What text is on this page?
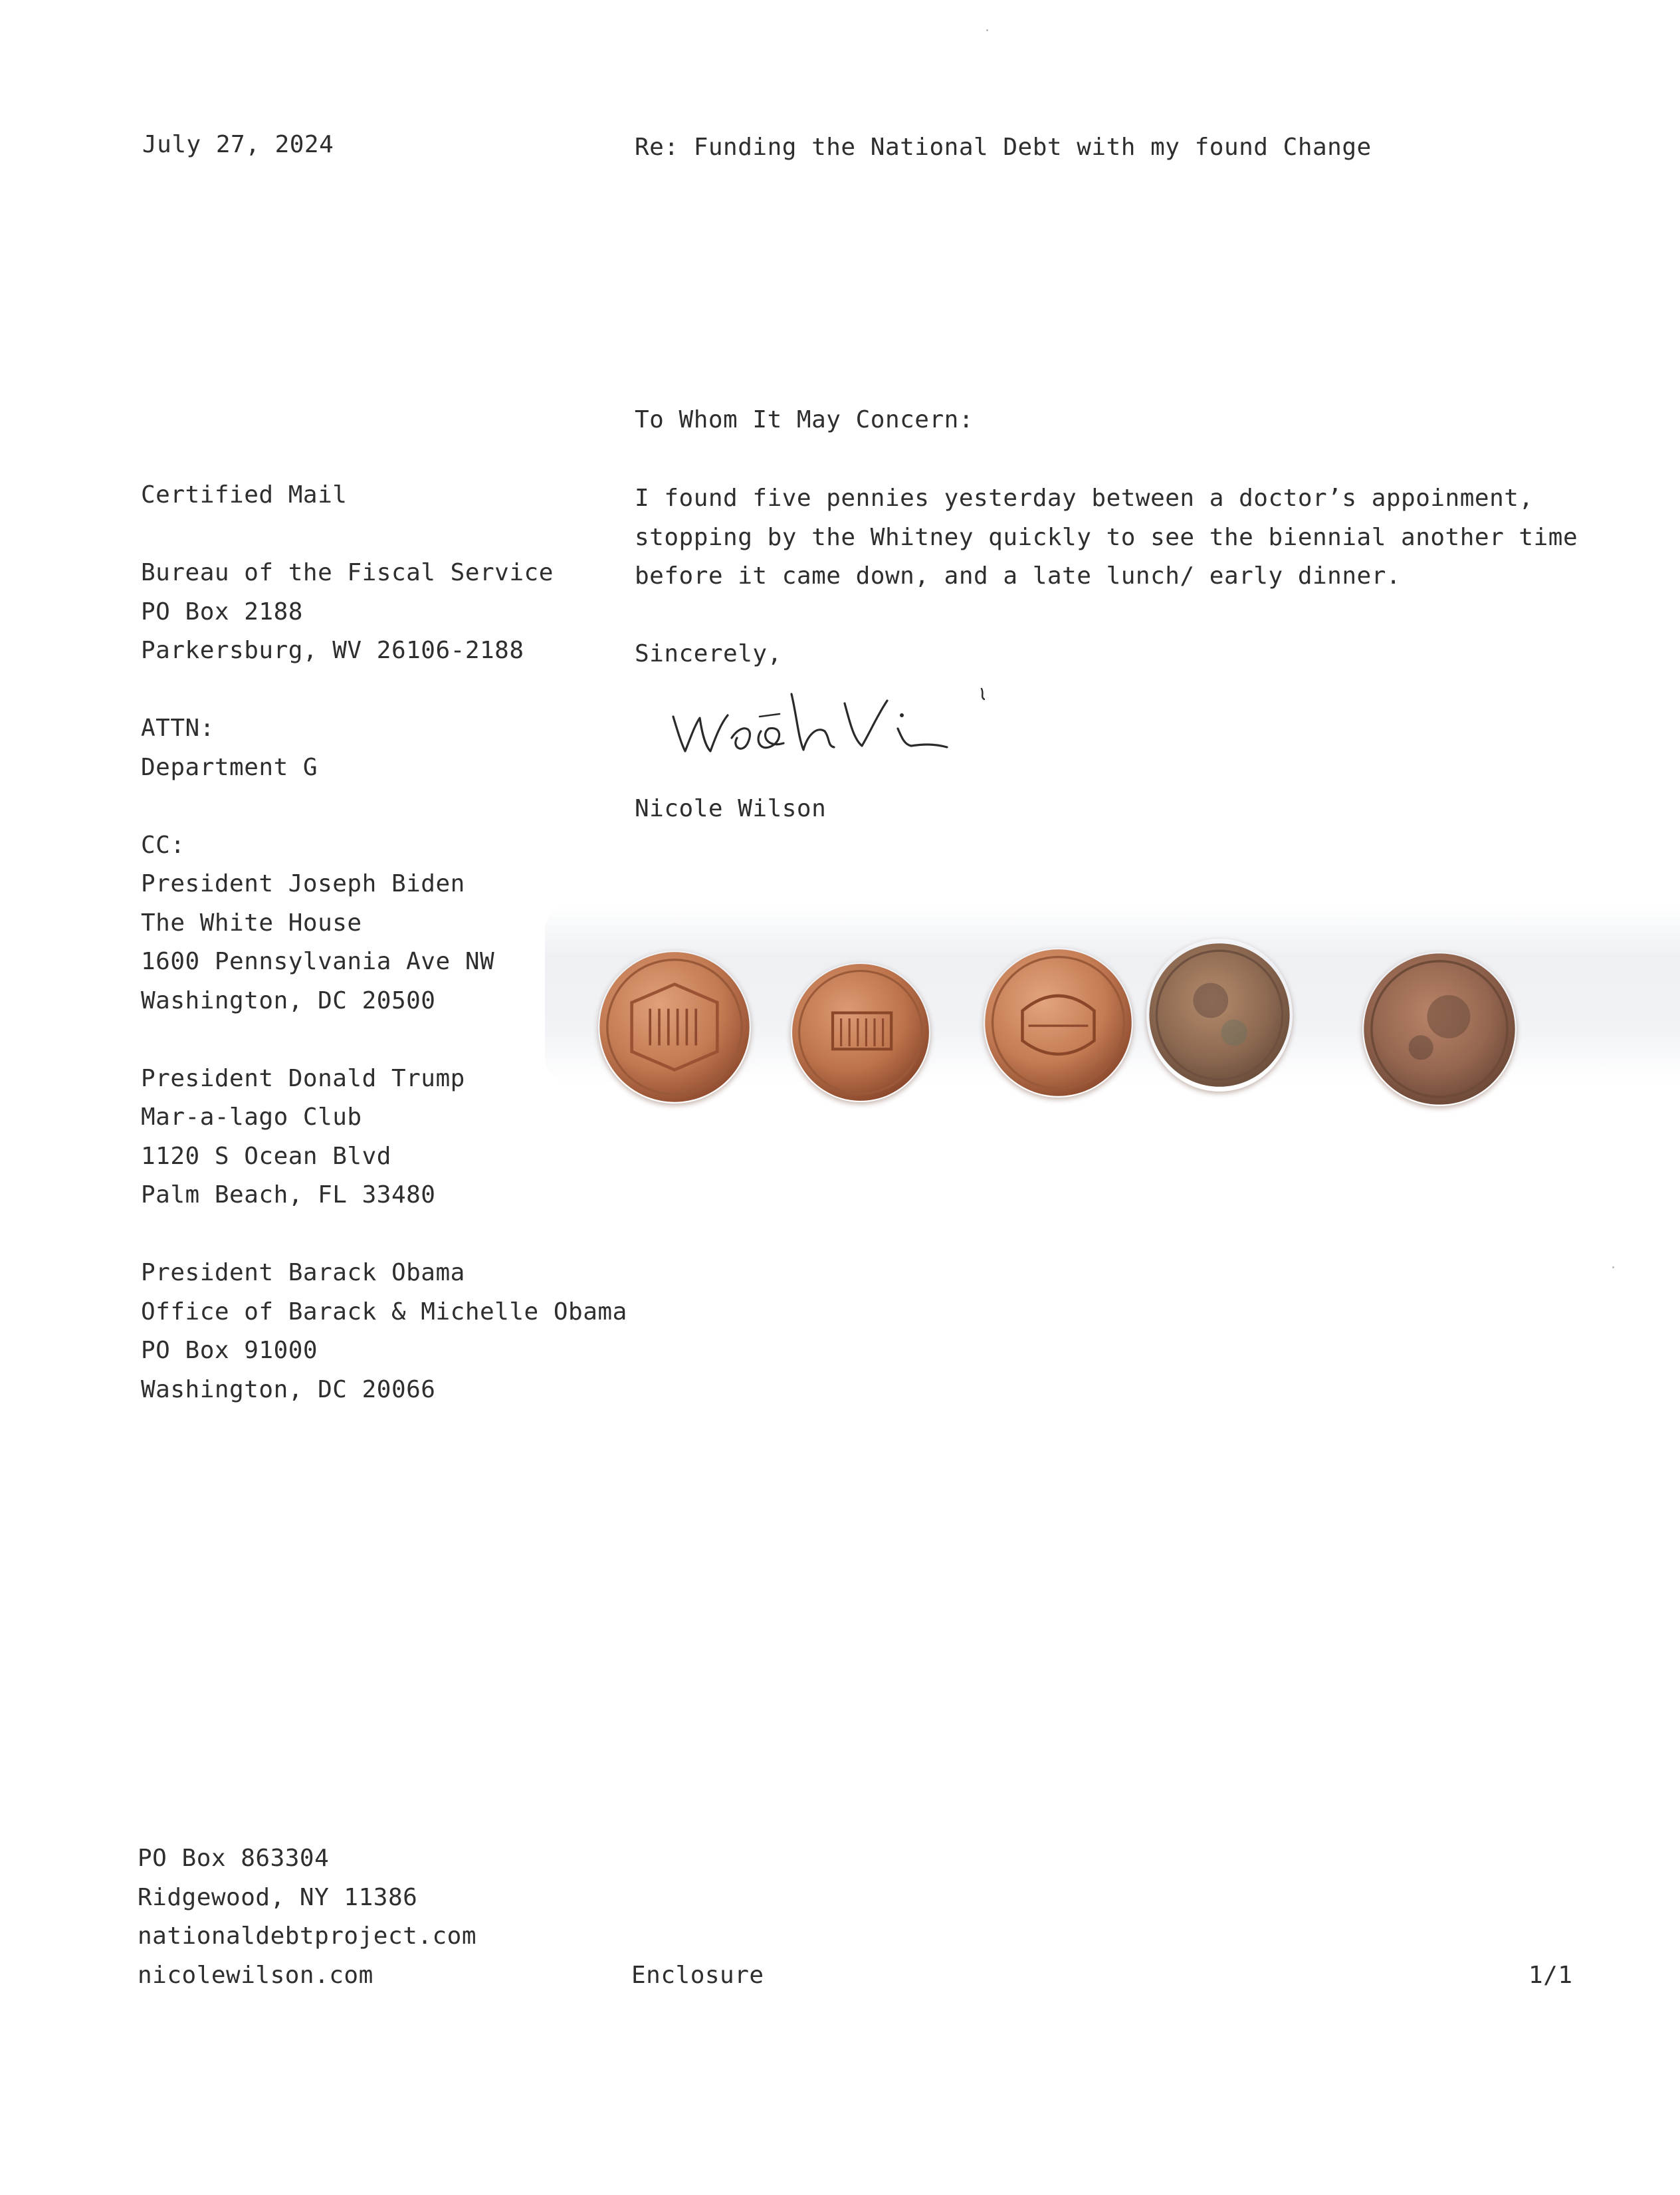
July 27, 2024	Re: Funding the National Debt with my found Change
To Whom It May Concern:
I found five pennies yesterday between a doctor’s appoinment,
stopping by the Whitney quickly to see the biennial another time
before it came down, and a late lunch/ early dinner.
Sincerely,
Nicole Wilson
Certified Mail
Bureau of the Fiscal Service
PO Box 2188
Parkersburg, WV 26106-2188
ATTN:
Department G
CC:
President Joseph Biden
The White House
1600 Pennsylvania Ave NW
Washington, DC 20500
President Donald Trump
Mar-a-lago Club
1120 S Ocean Blvd
Palm Beach, FL 33480
President Barack Obama
Office of Barack & Michelle Obama
PO Box 91000
Washington, DC 20066
PO Box 863304
Ridgewood, NY 11386
nationaldebtproject.com
nicolewilson.com	Enclosure	1/1
